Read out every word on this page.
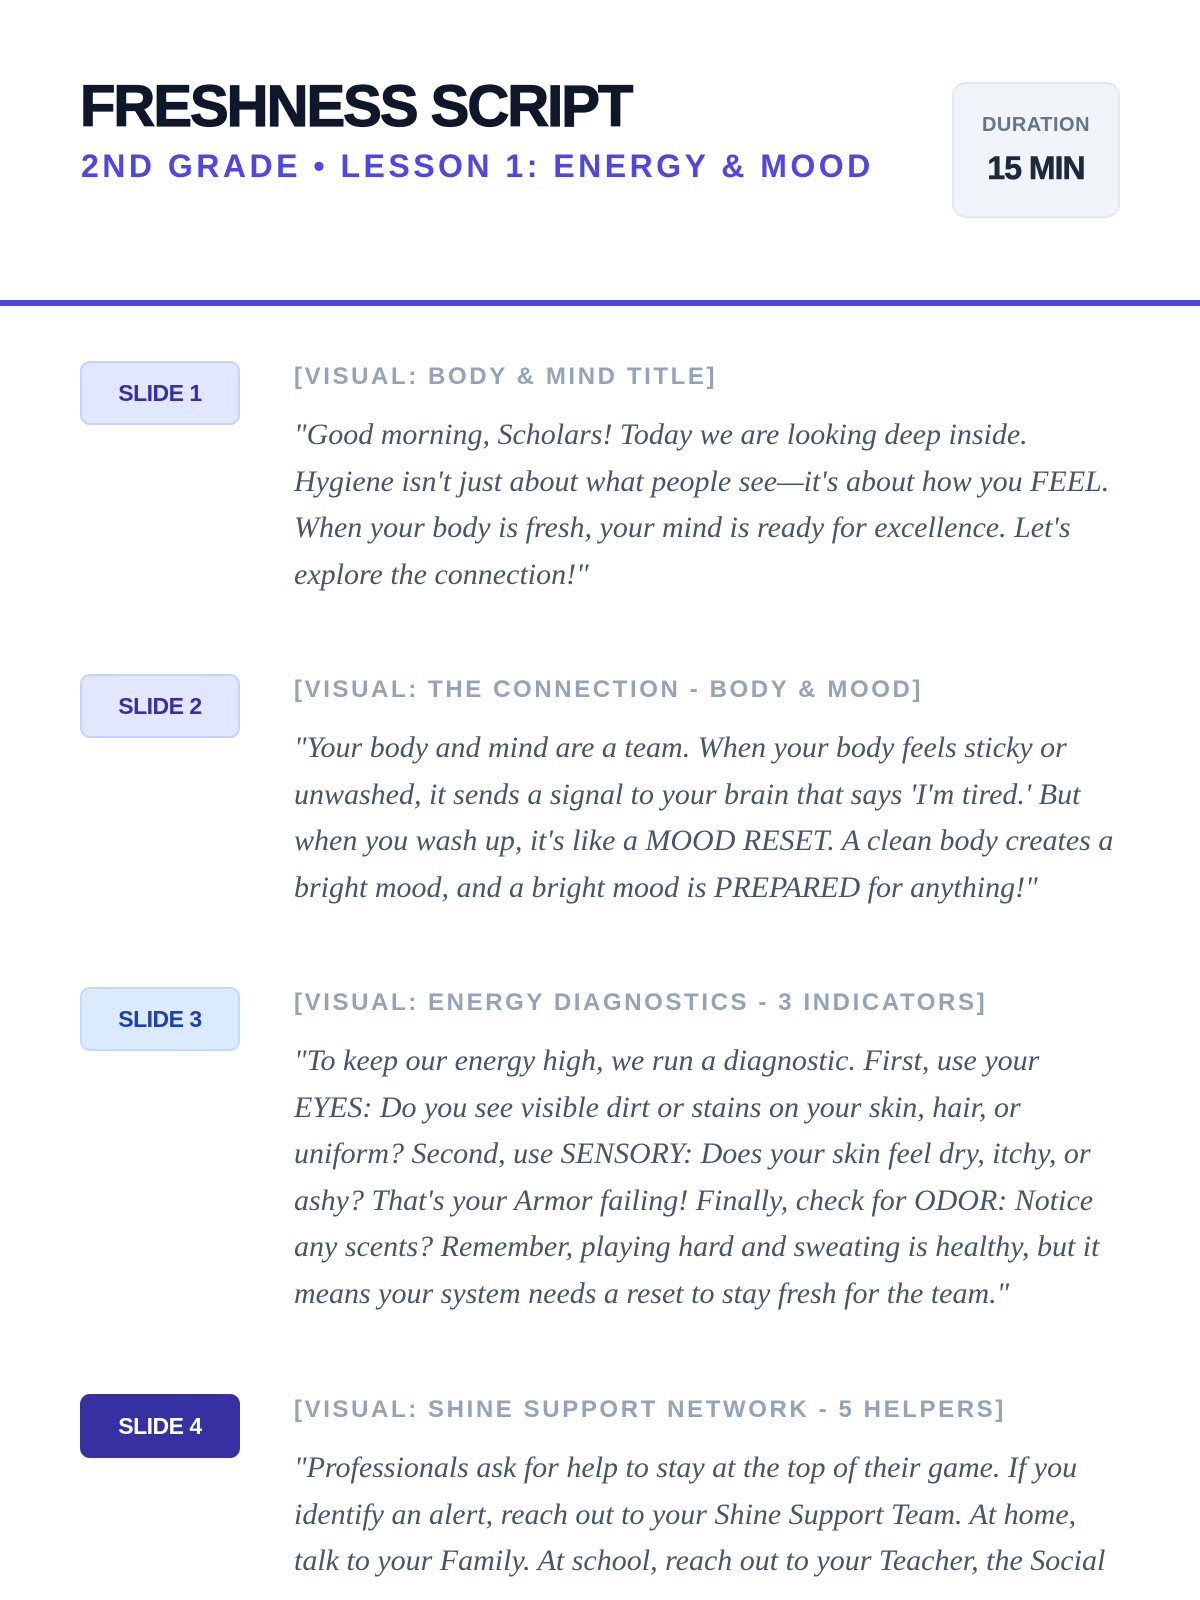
FRESHNESS SCRIPT
2ND GRADE • LESSON 1: ENERGY & MOOD
DURATION
15 MIN
SLIDE 1

[VISUAL: BODY & MIND TITLE]

"Good morning, Scholars! Today we are looking deep inside. Hygiene isn't just about what people see—it's about how you FEEL. When your body is fresh, your mind is ready for excellence. Let's explore the connection!"

SLIDE 2

[VISUAL: THE CONNECTION - BODY & MOOD]

"Your body and mind are a team. When your body feels sticky or unwashed, it sends a signal to your brain that says 'I'm tired.' But when you wash up, it's like a MOOD RESET. A clean body creates a bright mood, and a bright mood is PREPARED for anything!"

SLIDE 3

[VISUAL: ENERGY DIAGNOSTICS - 3 INDICATORS]

"To keep our energy high, we run a diagnostic. First, use your EYES: Do you see visible dirt or stains on your skin, hair, or uniform? Second, use SENSORY: Does your skin feel dry, itchy, or ashy? That's your Armor failing! Finally, check for ODOR: Notice any scents? Remember, playing hard and sweating is healthy, but it means your system needs a reset to stay fresh for the team."

SLIDE 4

[VISUAL: SHINE SUPPORT NETWORK - 5 HELPERS]

"Professionals ask for help to stay at the top of their game. If you identify an alert, reach out to your Shine Support Team. At home, talk to your Family. At school, reach out to your Teacher, the Social
